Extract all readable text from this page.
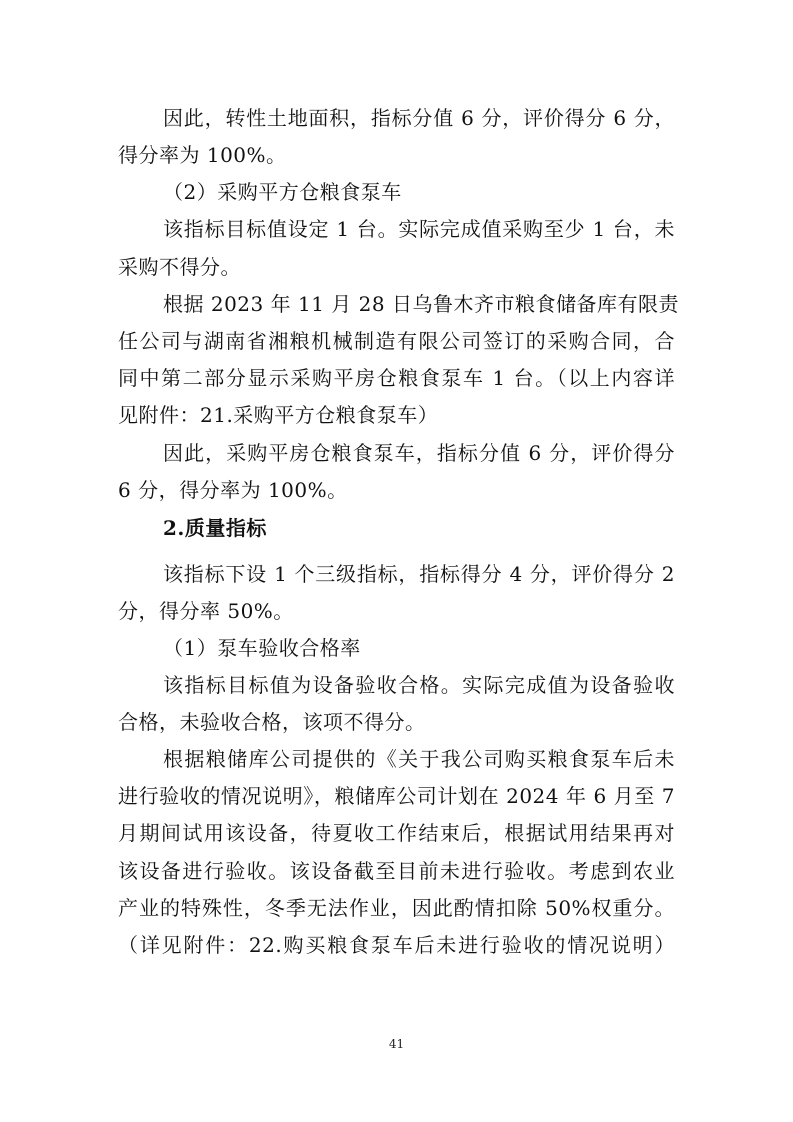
因此，转性土地面积，指标分值 6 分，评价得分 6 分，
得分率为 100%。
（2）采购平方仓粮食泵车
该指标目标值设定 1 台。实际完成值采购至少 1 台，未
采购不得分。
根据 2023 年 11 月 28 日乌鲁木齐市粮食储备库有限责
任公司与湖南省湘粮机械制造有限公司签订的采购合同，合
同中第二部分显示采购平房仓粮食泵车 1 台。（以上内容详
见附件：21.采购平方仓粮食泵车）
因此，采购平房仓粮食泵车，指标分值 6 分，评价得分
6 分，得分率为 100%。
2.质量指标
该指标下设 1 个三级指标，指标得分 4 分，评价得分 2
分，得分率 50%。
（1）泵车验收合格率
该指标目标值为设备验收合格。实际完成值为设备验收
合格，未验收合格，该项不得分。
根据粮储库公司提供的《关于我公司购买粮食泵车后未
进行验收的情况说明》，粮储库公司计划在 2024 年 6 月至 7
月期间试用该设备，待夏收工作结束后，根据试用结果再对
该设备进行验收。该设备截至目前未进行验收。考虑到农业
产业的特殊性，冬季无法作业，因此酌情扣除 50%权重分。
（详见附件：22.购买粮食泵车后未进行验收的情况说明）
41
